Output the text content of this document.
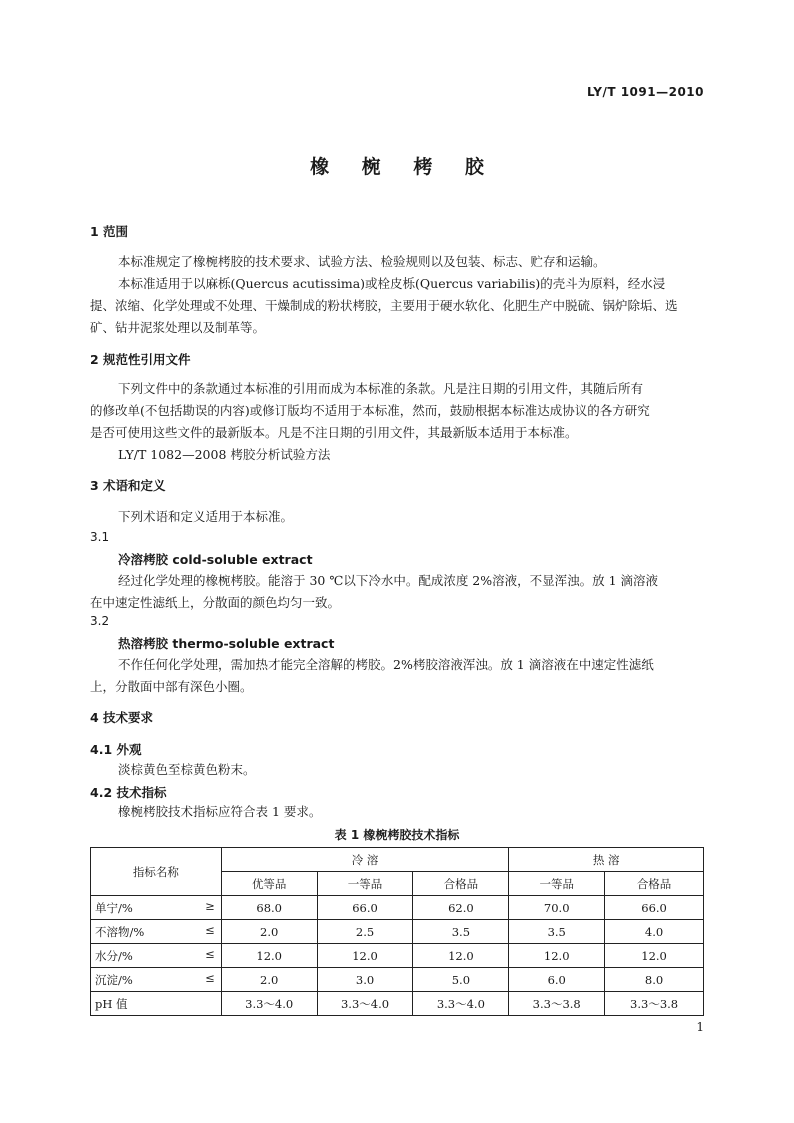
LY/T 1091—2010
橡 椀 栲 胶
1 范围
本标准规定了橡椀栲胶的技术要求、试验方法、检验规则以及包装、标志、贮存和运输。
本标准适用于以麻栎(Quercus acutissima)或栓皮栎(Quercus variabilis)的壳斗为原料，经水浸
提、浓缩、化学处理或不处理、干燥制成的粉状栲胶，主要用于硬水软化、化肥生产中脱硫、锅炉除垢、选
矿、钻井泥浆处理以及制革等。
2 规范性引用文件
下列文件中的条款通过本标准的引用而成为本标准的条款。凡是注日期的引用文件，其随后所有
的修改单(不包括勘误的内容)或修订版均不适用于本标准，然而，鼓励根据本标准达成协议的各方研究
是否可使用这些文件的最新版本。凡是不注日期的引用文件，其最新版本适用于本标准。
LY/T 1082—2008 栲胶分析试验方法
3 术语和定义
下列术语和定义适用于本标准。
3.1
冷溶栲胶 cold-soluble extract
经过化学处理的橡椀栲胶。能溶于 30 ℃以下冷水中。配成浓度 2%溶液，不显浑浊。放 1 滴溶液
在中速定性滤纸上，分散面的颜色均匀一致。
3.2
热溶栲胶 thermo-soluble extract
不作任何化学处理，需加热才能完全溶解的栲胶。2%栲胶溶液浑浊。放 1 滴溶液在中速定性滤纸
上，分散面中部有深色小圈。
4 技术要求
4.1 外观
淡棕黄色至棕黄色粉末。
4.2 技术指标
橡椀栲胶技术指标应符合表 1 要求。
表 1 橡椀栲胶技术指标
指标名称	冷 溶			热 溶	
	优等品	一等品	合格品	一等品	合格品
单宁/% ≥	68.0	66.0	62.0	70.0	66.0
不溶物/% ≤	2.0	2.5	3.5	3.5	4.0
水分/% ≤	12.0	12.0	12.0	12.0	12.0
沉淀/% ≤	2.0	3.0	5.0	6.0	8.0
pH 值	3.3～4.0	3.3～4.0	3.3～4.0	3.3～3.8	3.3～3.8
1
